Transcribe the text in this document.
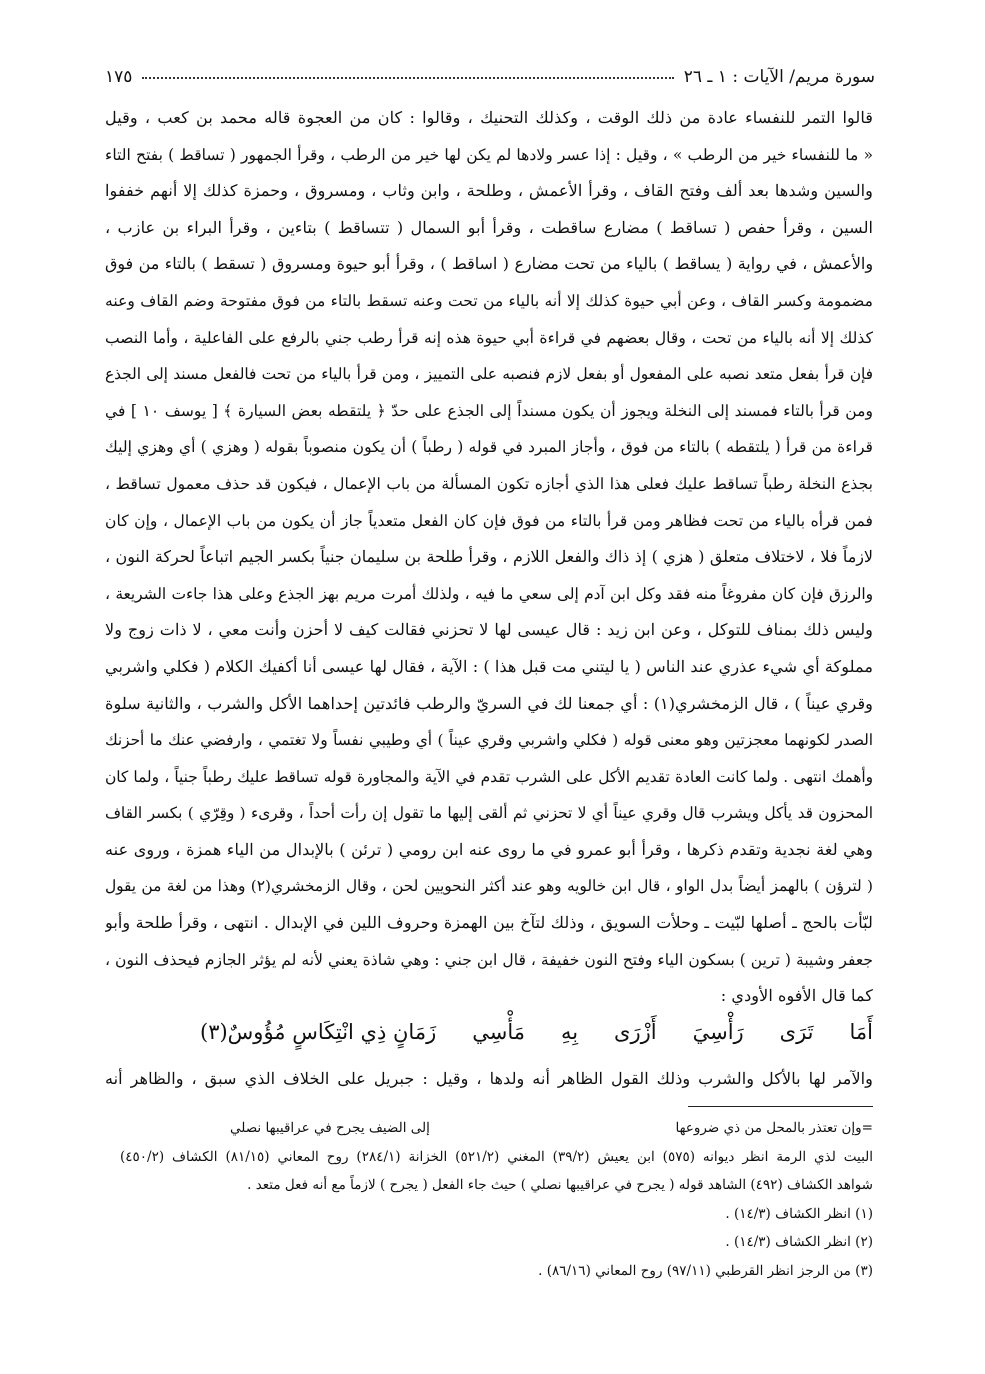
١٧٥	سورة مريم/ الآيات : ١ ـ ٢٦
قالوا التمر للنفساء عادة من ذلك الوقت ، وكذلك التحنيك ، وقالوا : كان من العجوة قاله محمد بن كعب ، وقيل
« ما للنفساء خير من الرطب » ، وقيل : إذا عسر ولادها لم يكن لها خير من الرطب ، وقرأ الجمهور ( تساقط ) بفتح التاء
والسين وشدها بعد ألف وفتح القاف ، وقرأ الأعمش ، وطلحة ، وابن وثاب ، ومسروق ، وحمزة كذلك إلا أنهم خففوا
السين ، وقرأ حفص ( تساقط ) مضارع ساقطت ، وقرأ أبو السمال ( تتساقط ) بتاءين ، وقرأ البراء بن عازب ،
والأعمش ، في رواية ( يساقط ) بالياء من تحت مضارع ( اساقط ) ، وقرأ أبو حيوة ومسروق ( تسقط ) بالتاء من فوق
مضمومة وكسر القاف ، وعن أبي حيوة كذلك إلا أنه بالياء من تحت وعنه تسقط بالتاء من فوق مفتوحة وضم القاف وعنه
كذلك إلا أنه بالياء من تحت ، وقال بعضهم في قراءة أبي حيوة هذه إنه قرأ رطب جني بالرفع على الفاعلية ، وأما النصب
فإن قرأ بفعل متعد نصبه على المفعول أو بفعل لازم فنصبه على التمييز ، ومن قرأ بالياء من تحت فالفعل مسند إلى الجذع
ومن قرأ بالتاء فمسند إلى النخلة ويجوز أن يكون مسنداً إلى الجذع على حدّ ﴿ يلتقطه بعض السيارة ﴾ [ يوسف ١٠ ] في
قراءة من قرأ ( يلتقطه ) بالتاء من فوق ، وأجاز المبرد في قوله ( رطباً ) أن يكون منصوباً بقوله ( وهزي ) أي وهزي إليك
بجذع النخلة رطباً تساقط عليك فعلى هذا الذي أجازه تكون المسألة من باب الإعمال ، فيكون قد حذف معمول تساقط ،
فمن قرأه بالياء من تحت فظاهر ومن قرأ بالتاء من فوق فإن كان الفعل متعدياً جاز أن يكون من باب الإعمال ، وإن كان
لازماً فلا ، لاختلاف متعلق ( هزي ) إذ ذاك والفعل اللازم ، وقرأ طلحة بن سليمان جنياً بكسر الجيم اتباعاً لحركة النون ،
والرزق فإن كان مفروغاً منه فقد وكل ابن آدم إلى سعي ما فيه ، ولذلك أمرت مريم بهز الجذع وعلى هذا جاءت الشريعة ،
وليس ذلك بمناف للتوكل ، وعن ابن زيد : قال عيسى لها لا تحزني فقالت كيف لا أحزن وأنت معي ، لا ذات زوج ولا
مملوكة أي شيء عذري عند الناس ( يا ليتني مت قبل هذا ) : الآية ، فقال لها عيسى أنا أكفيك الكلام ( فكلي واشربي
وقري عيناً ) ، قال الزمخشري(١) : أي جمعنا لك في السريّ والرطب فائدتين إحداهما الأكل والشرب ، والثانية سلوة
الصدر لكونهما معجزتين وهو معنى قوله ( فكلي واشربي وقري عيناً ) أي وطيبي نفساً ولا تغتمي ، وارفضي عنك ما أحزنك
وأهمك انتهى . ولما كانت العادة تقديم الأكل على الشرب تقدم في الآية والمجاورة قوله تساقط عليك رطباً جنياً ، ولما كان
المحزون قد يأكل ويشرب قال وقري عيناً أي لا تحزني ثم ألقى إليها ما تقول إن رأت أحداً ، وقرىء ( وقِرّي ) بكسر القاف
وهي لغة نجدية وتقدم ذكرها ، وقرأ أبو عمرو في ما روى عنه ابن رومي ( ترئن ) بالإبدال من الياء همزة ، وروى عنه
( لترؤن ) بالهمز أيضاً بدل الواو ، قال ابن خالويه وهو عند أكثر النحويين لحن ، وقال الزمخشري(٢) وهذا من لغة من يقول
لبّأت بالحج ـ أصلها لبّيت ـ وحلأت السويق ، وذلك لتآخ بين الهمزة وحروف اللين في الإبدال . انتهى ، وقرأ طلحة وأبو
جعفر وشيبة ( ترين ) بسكون الياء وفتح النون خفيفة ، قال ابن جني : وهي شاذة يعني لأنه لم يؤثر الجازم فيحذف النون ،
كما قال الأفوه الأودي :
أَمَا
تَرَى
رَأْسِيَ
أَزْرَى
بِهِ
مَأْسِي
زَمَانٍ ذِي انْتِكَاسٍ مُؤُوسٌ(٣)
والآمر لها بالأكل والشرب وذلك القول الظاهر أنه ولدها ، وقيل : جبريل على الخلاف الذي سبق ، والظاهر أنه
=وإن تعتذر بالمحل من ذي ضروعها
إلى الضيف يجرح في عراقيبها نصلي
البيت لذي الرمة انظر ديوانه (٥٧٥) ابن يعيش (٣٩/٢) المغني (٥٢١/٢) الخزانة (٢٨٤/١) روح المعاني (٨١/١٥) الكشاف (٤٥٠/٢)
شواهد الكشاف (٤٩٢) الشاهد قوله ( يجرح في عراقيبها نصلي ) حيث جاء الفعل ( يجرح ) لازماً مع أنه فعل متعد .
(١) انظر الكشاف (١٤/٣) .
(٢) انظر الكشاف (١٤/٣) .
(٣) من الرجز انظر القرطبي (٩٧/١١) روح المعاني (٨٦/١٦) .
